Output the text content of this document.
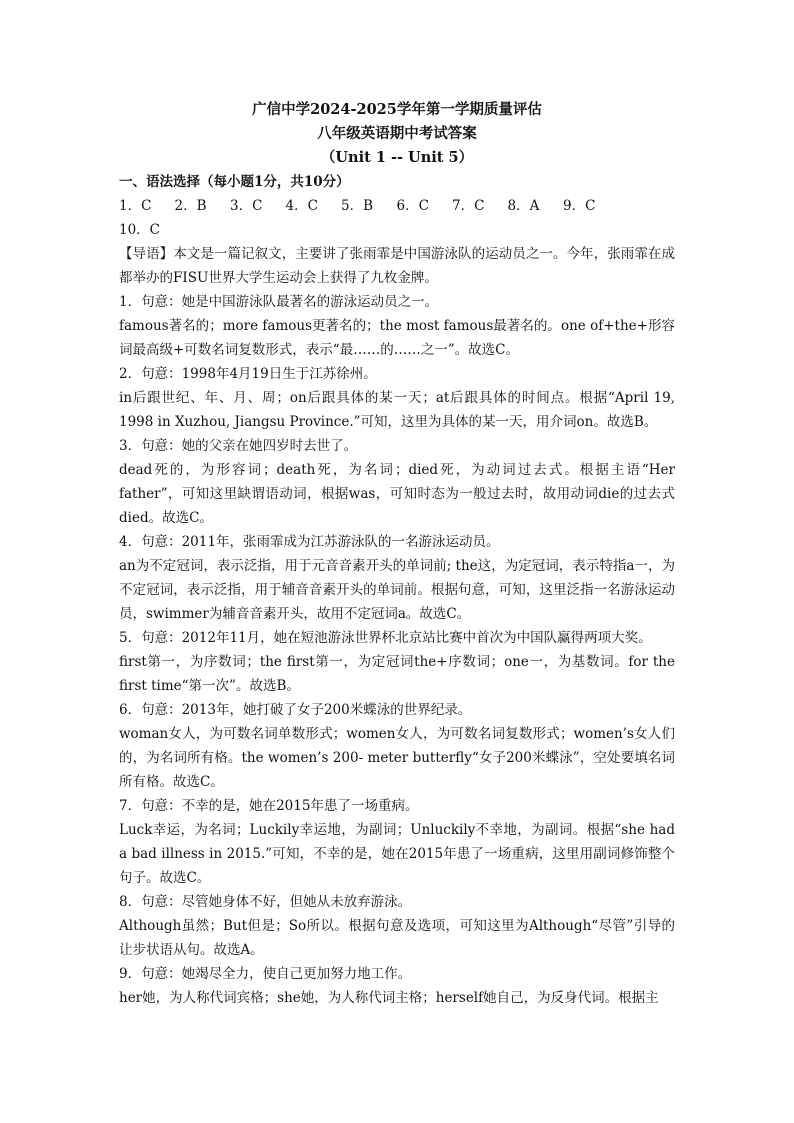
广信中学2024-2025学年第一学期质量评估
八年级英语期中考试答案
（Unit 1 -- Unit 5）
一、语法选择（每小题1分，共10分）
1．C	2．B	3．C	4．C	5．B	6．C	7．C	8．A	9．C
10．C
【导语】本文是一篇记叙文，主要讲了张雨霏是中国游泳队的运动员之一。今年，张雨霏在成都举办的FISU世界大学生运动会上获得了九枚金牌。
1．句意：她是中国游泳队最著名的游泳运动员之一。
famous著名的；more famous更著名的；the most famous最著名的。one of+the+形容词最高级+可数名词复数形式，表示“最……的……之一”。故选C。
2．句意：1998年4月19日生于江苏徐州。
in后跟世纪、年、月、周；on后跟具体的某一天；at后跟具体的时间点。根据“April 19, 1998 in Xuzhou, Jiangsu Province.”可知，这里为具体的某一天，用介词on。故选B。
3．句意：她的父亲在她四岁时去世了。
dead死的，为形容词；death死，为名词；died死，为动词过去式。根据主语“Her father”，可知这里缺谓语动词，根据was，可知时态为一般过去时，故用动词die的过去式died。故选C。
4．句意：2011年，张雨霏成为江苏游泳队的一名游泳运动员。
an为不定冠词，表示泛指，用于元音音素开头的单词前; the这，为定冠词，表示特指a一，为不定冠词，表示泛指，用于辅音音素开头的单词前。根据句意，可知，这里泛指一名游泳运动员，swimmer为辅音音素开头，故用不定冠词a。故选C。
5．句意：2012年11月，她在短池游泳世界杯北京站比赛中首次为中国队赢得两项大奖。
first第一，为序数词；the first第一，为定冠词the+序数词；one一，为基数词。for the first time“第一次”。故选B。
6．句意：2013年，她打破了女子200米蝶泳的世界纪录。
woman女人，为可数名词单数形式；women女人，为可数名词复数形式；women’s女人们的，为名词所有格。the women’s 200- meter butterfly“女子200米蝶泳”，空处要填名词所有格。故选C。
7．句意：不幸的是，她在2015年患了一场重病。
Luck幸运，为名词；Luckily幸运地，为副词；Unluckily不幸地，为副词。根据“she had a bad illness in 2015.”可知，不幸的是，她在2015年患了一场重病，这里用副词修饰整个句子。故选C。
8．句意：尽管她身体不好，但她从未放弃游泳。
Although虽然；But但是；So所以。根据句意及选项，可知这里为Although“尽管”引导的让步状语从句。故选A。
9．句意：她竭尽全力，使自己更加努力地工作。
her她，为人称代词宾格；she她，为人称代词主格；herself她自己，为反身代词。根据主
